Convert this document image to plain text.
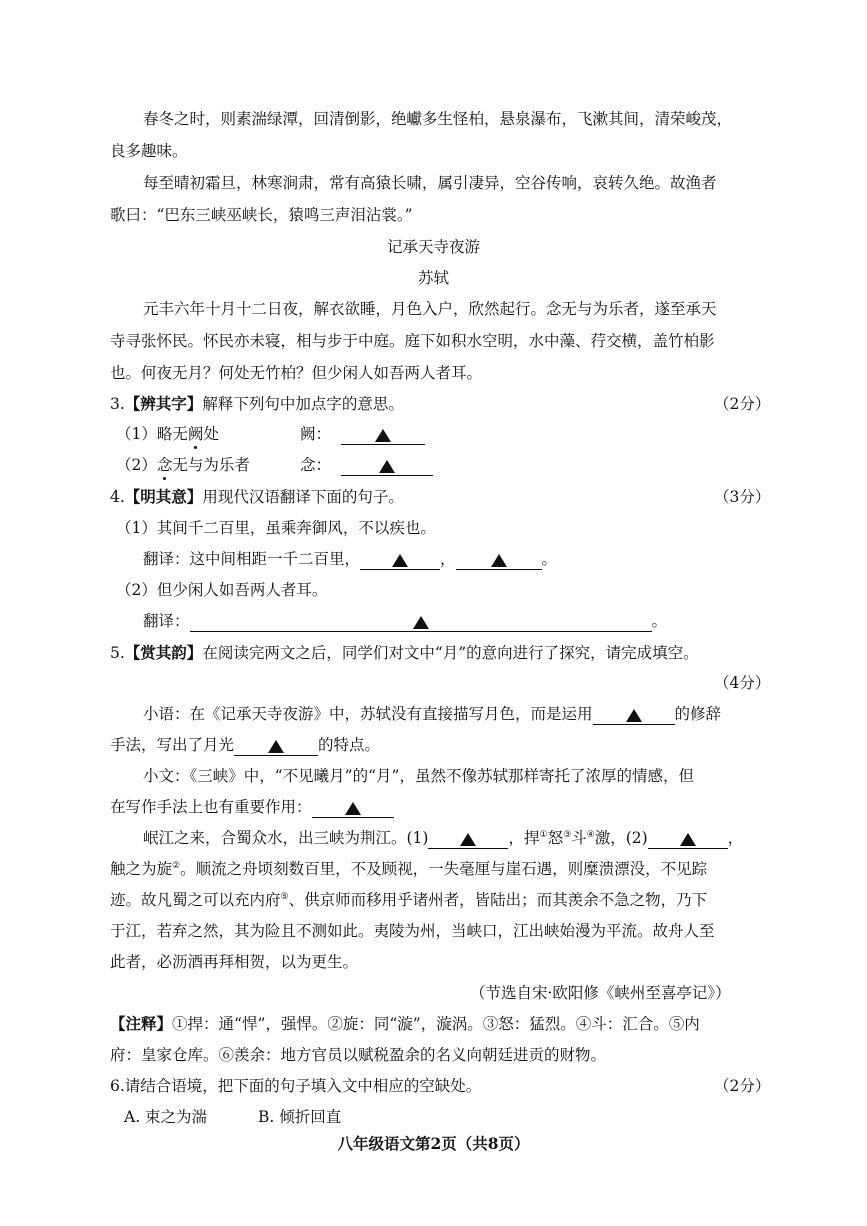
春冬之时，则素湍绿潭，回清倒影，绝巘多生怪柏，悬泉瀑布，飞漱其间，清荣峻茂，
良多趣味。
每至晴初霜旦，林寒涧肃，常有高猿长啸，属引凄异，空谷传响，哀转久绝。故渔者
歌曰：“巴东三峡巫峡长，猿鸣三声泪沾裳。”
记承天寺夜游
苏轼
元丰六年十月十二日夜，解衣欲睡，月色入户，欣然起行。念无与为乐者，遂至承天
寺寻张怀民。怀民亦未寝，相与步于中庭。庭下如积水空明，水中藻、荇交横，盖竹柏影
也。何夜无月？何处无竹柏？但少闲人如吾两人者耳。
3.【辨其字】解释下列句中加点字的意思。	（2分）
（1）略无阙处	阙：
（2）念无与为乐者	念：
4.【明其意】用现代汉语翻译下面的句子。	（3分）
（1）其间千二百里，虽乘奔御风，不以疾也。
翻译：这中间相距一千二百里，	，	。
（2）但少闲人如吾两人者耳。
翻译：	。
5.【赏其韵】在阅读完两文之后，同学们对文中“月”的意向进行了探究，请完成填空。
（4分）
小语：在《记承天寺夜游》中，苏轼没有直接描写月色，而是运用	的修辞
手法，写出了月光	的特点。
小文：《三峡》中，“不见曦月”的“月”，虽然不像苏轼那样寄托了浓厚的情感，但
在写作手法上也有重要作用：
岷江之来，合蜀众水，出三峡为荆江。(1)	，捍①怒③斗④激，(2)	，
触之为旋②。顺流之舟顷刻数百里，不及顾视，一失毫厘与崖石遇，则糜溃漂没，不见踪
迹。故凡蜀之可以充内府⑤、供京师而移用乎诸州者，皆陆出；而其羡余不急之物，乃下
于江，若弃之然，其为险且不测如此。夷陵为州，当峡口，江出峡始漫为平流。故舟人至
此者，必沥酒再拜相贺，以为更生。
（节选自宋·欧阳修《峡州至喜亭记》）
【注释】①捍：通“悍”，强悍。②旋：同“漩”，漩涡。③怒：猛烈。④斗：汇合。⑤内
府：皇家仓库。⑥羡余：地方官员以赋税盈余的名义向朝廷进贡的财物。
6.请结合语境，把下面的句子填入文中相应的空缺处。	（2分）
A. 束之为湍	B. 倾折回直
八年级语文第2页（共8页）
